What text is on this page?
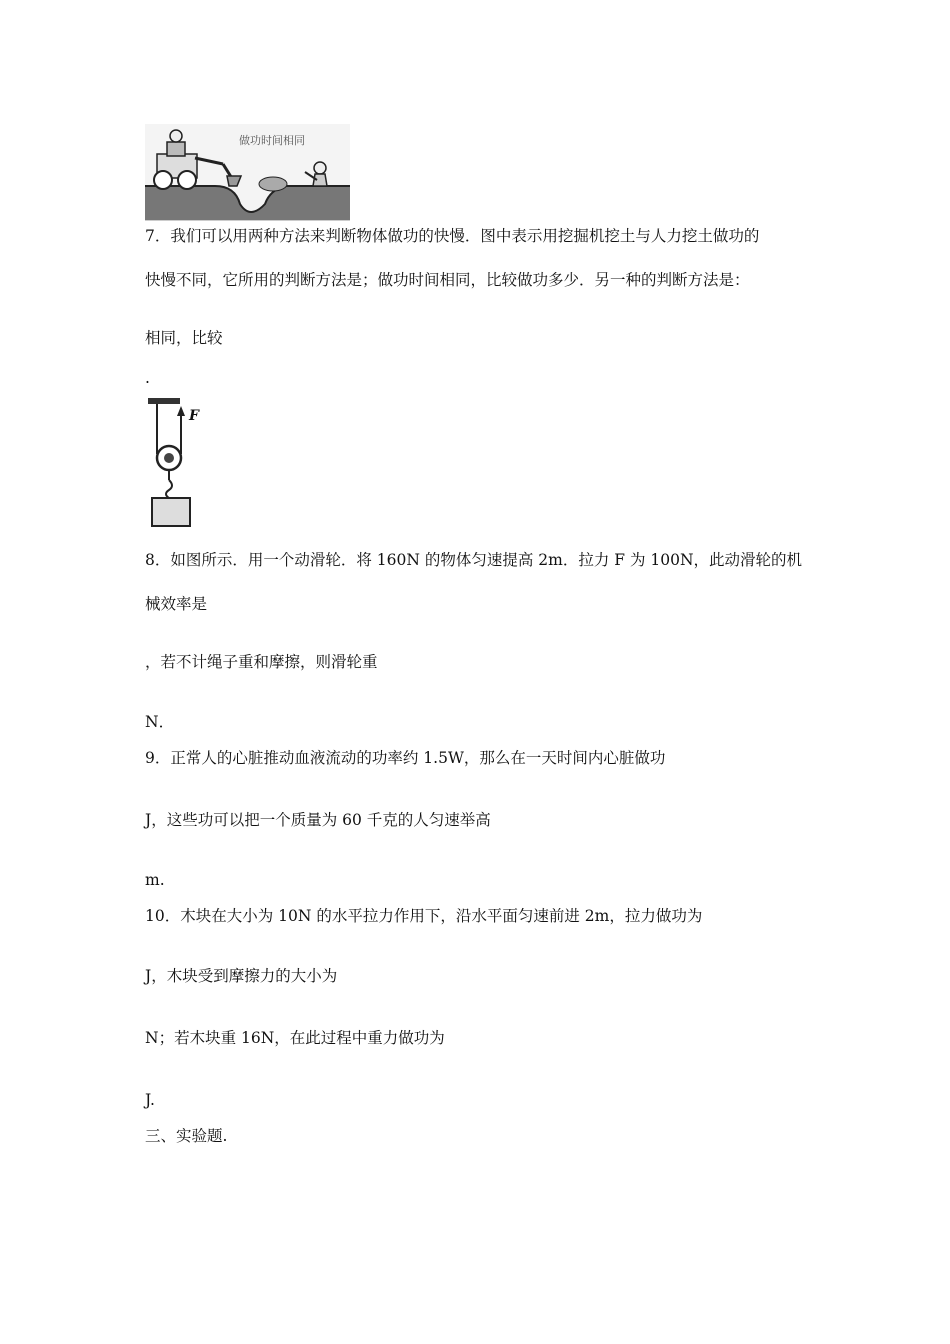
做功时间相同
7．我们可以用两种方法来判断物体做功的快慢．图中表示用挖掘机挖土与人力挖土做功的
快慢不同，它所用的判断方法是；做功时间相同，比较做功多少．另一种的判断方法是：
相同，比较
.
F
8．如图所示．用一个动滑轮．将 160N 的物体匀速提高 2m．拉力 F 为 100N，此动滑轮的机
械效率是
，若不计绳子重和摩擦，则滑轮重
N．
9．正常人的心脏推动血液流动的功率约 1.5W，那么在一天时间内心脏做功
J，这些功可以把一个质量为 60 千克的人匀速举高
m.
10．木块在大小为 10N 的水平拉力作用下，沿水平面匀速前进 2m，拉力做功为
J，木块受到摩擦力的大小为
N；若木块重 16N，在此过程中重力做功为
J.
三、实验题.
